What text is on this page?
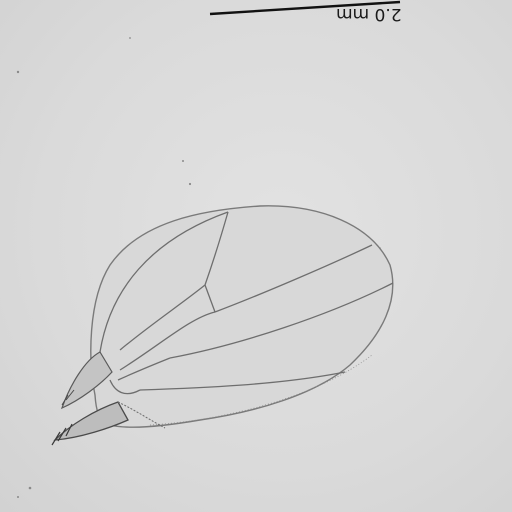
2.0 mm
